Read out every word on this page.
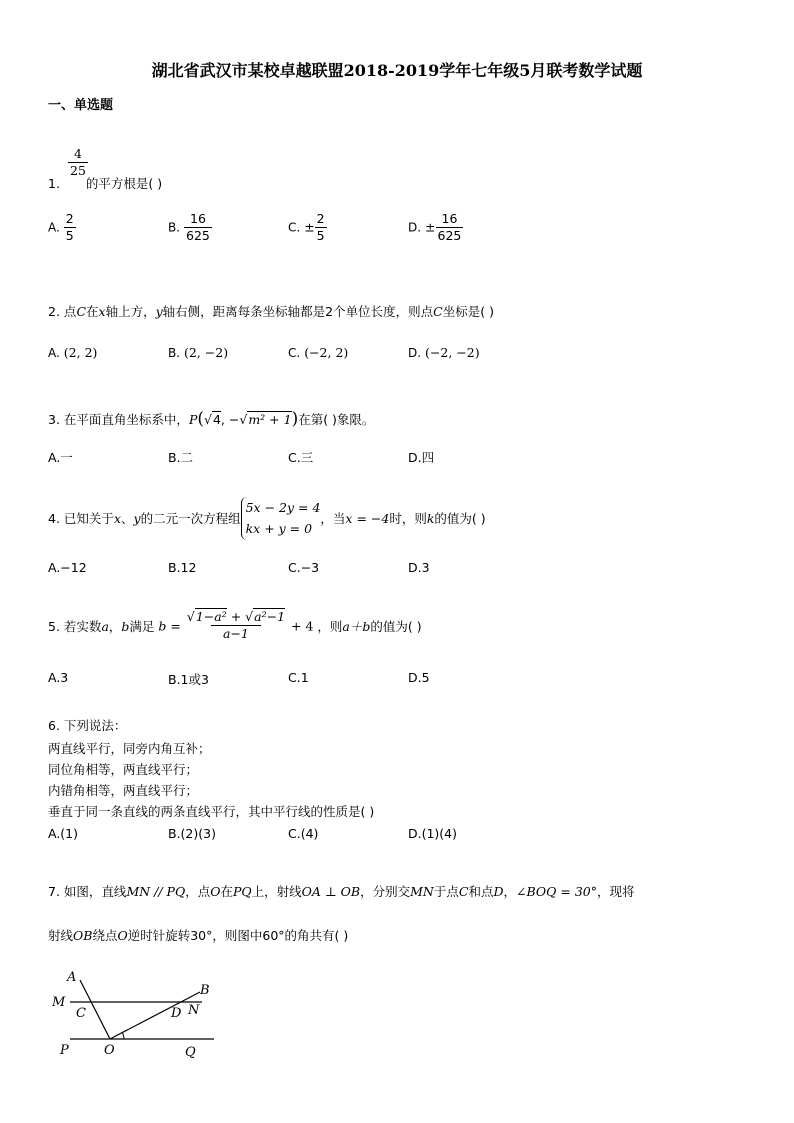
湖北省武汉市某校卓越联盟2018-2019学年七年级5月联考数学试题
一、单选题
$\frac{4}{25}$
1. 的平方根是( )
A. $\frac{2}{5}$	B. $\frac{16}{625}$	C. ± $\frac{2}{5}$	D. ± $\frac{16}{625}$
2. 点C在x轴上方，y轴右侧，距离每条坐标轴都是2个单位长度，则点C坐标是( )
A. (2, 2)	B. (2, −2)	C. (−2, 2)	D. (−2, −2)
3. 在平面直角坐标系中，P(√4, −√m² + 1)在第( )象限。
A.一	B.二	C.三	D.四
4. 已知关于x、y的二元一次方程组
5x − 2y = 4
kx + y = 0
，当x = −4时，则k的值为( )
A.−12	B.12	C.−3	D.3
5. 若实数a，b满足 $b = \frac{\text{√1−a² + √a²−1}}{a-1} + 4$ ，则a＋b的值为( )
A.3	B.1或3	C.1	D.5
6. 下列说法：
两直线平行，同旁内角互补；
同位角相等，两直线平行；
内错角相等，两直线平行；
垂直于同一条直线的两条直线平行，其中平行线的性质是( )
A.(1)	B.(2)(3)	C.(4)	D.(1)(4)
7. 如图，直线MN // PQ，点O在PQ上，射线OA ⊥ OB，分别交MN于点C和点D，∠BOQ = 30°，现将
射线OB绕点O逆时针旋转30°，则图中60°的角共有( )
A
B
M
C	D N
P	O	Q
